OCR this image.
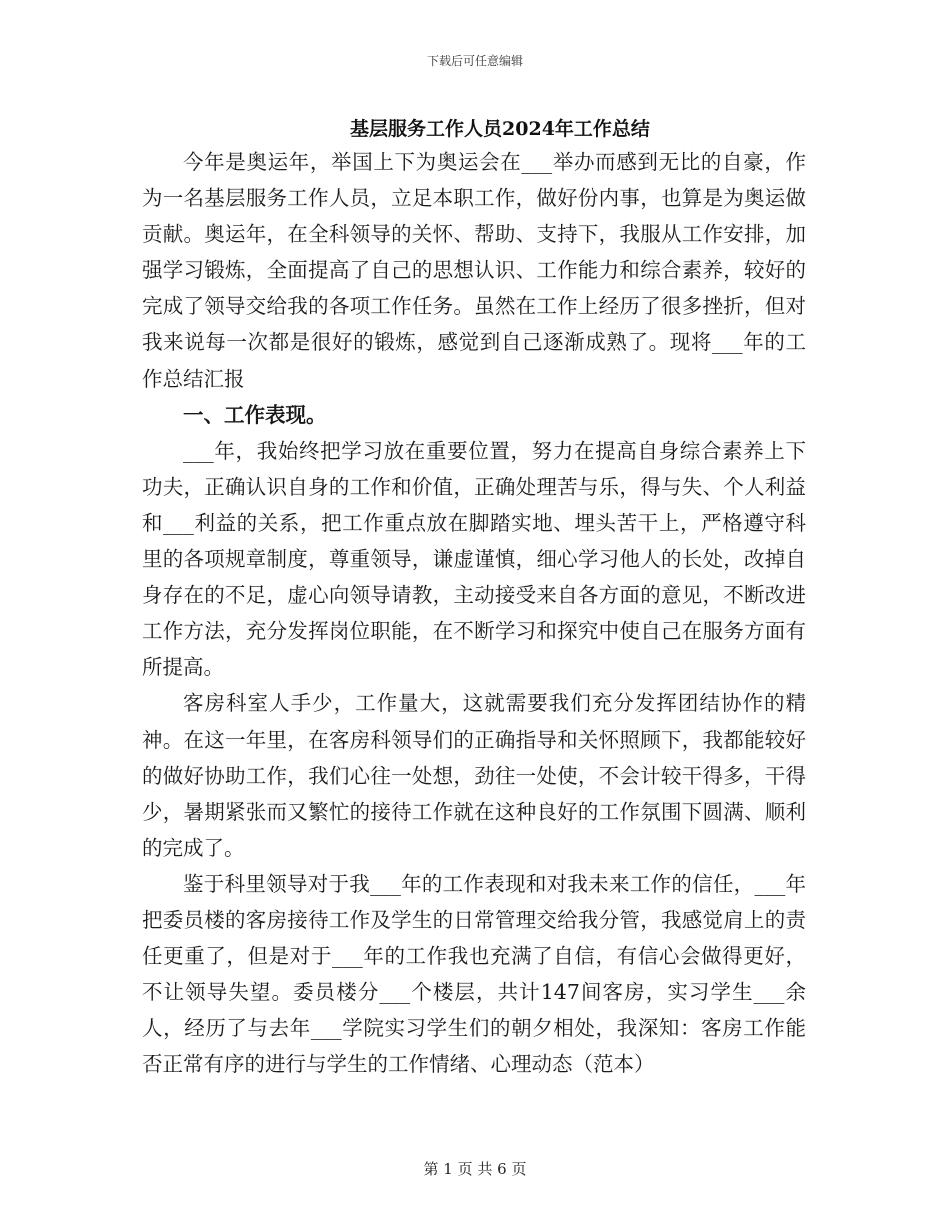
下载后可任意编辑
基层服务工作人员2024年工作总结

今年是奥运年，举国上下为奥运会在___举办而感到无比的自豪，作为一名基层服务工作人员，立足本职工作，做好份内事，也算是为奥运做贡献。奥运年，在全科领导的关怀、帮助、支持下，我服从工作安排，加强学习锻炼，全面提高了自己的思想认识、工作能力和综合素养，较好的完成了领导交给我的各项工作任务。虽然在工作上经历了很多挫折，但对我来说每一次都是很好的锻炼，感觉到自己逐渐成熟了。现将___年的工作总结汇报

一、工作表现。

___年，我始终把学习放在重要位置，努力在提高自身综合素养上下功夫，正确认识自身的工作和价值，正确处理苦与乐，得与失、个人利益和___利益的关系，把工作重点放在脚踏实地、埋头苦干上，严格遵守科里的各项规章制度，尊重领导，谦虚谨慎，细心学习他人的长处，改掉自身存在的不足，虚心向领导请教，主动接受来自各方面的意见，不断改进工作方法，充分发挥岗位职能，在不断学习和探究中使自己在服务方面有所提高。

客房科室人手少，工作量大，这就需要我们充分发挥团结协作的精神。在这一年里，在客房科领导们的正确指导和关怀照顾下，我都能较好的做好协助工作，我们心往一处想，劲往一处使，不会计较干得多，干得少，暑期紧张而又繁忙的接待工作就在这种良好的工作氛围下圆满、顺利的完成了。

鉴于科里领导对于我___年的工作表现和对我未来工作的信任，___年把委员楼的客房接待工作及学生的日常管理交给我分管，我感觉肩上的责任更重了，但是对于___年的工作我也充满了自信，有信心会做得更好，不让领导失望。委员楼分___个楼层，共计147间客房，实习学生___余人，经历了与去年___学院实习学生们的朝夕相处，我深知：客房工作能否正常有序的进行与学生的工作情绪、心理动态（范本）

第 1 页 共 6 页
